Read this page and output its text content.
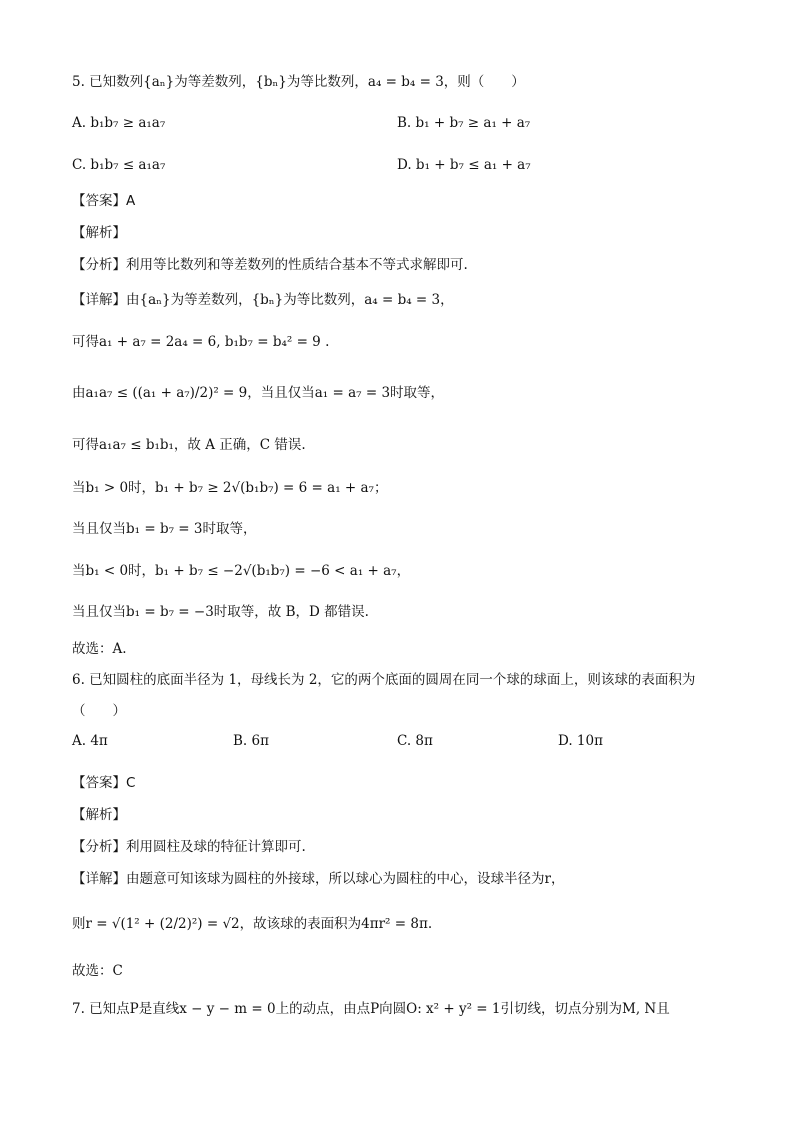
5. 已知数列{aₙ}为等差数列，{bₙ}为等比数列，a₄ = b₄ = 3，则（　　）
A. b₁b₇ ≥ a₁a₇	B. b₁ + b₇ ≥ a₁ + a₇
C. b₁b₇ ≤ a₁a₇	D. b₁ + b₇ ≤ a₁ + a₇
【答案】A
【解析】
【分析】利用等比数列和等差数列的性质结合基本不等式求解即可.
【详解】由{aₙ}为等差数列，{bₙ}为等比数列，a₄ = b₄ = 3，
可得a₁ + a₇ = 2a₄ = 6, b₁b₇ = b₄² = 9 .
由a₁a₇ ≤ ((a₁ + a₇)/2)² = 9，当且仅当a₁ = a₇ = 3时取等，
可得a₁a₇ ≤ b₁b₁，故 A 正确，C 错误.
当b₁ > 0时，b₁ + b₇ ≥ 2√(b₁b₇) = 6 = a₁ + a₇；
当且仅当b₁ = b₇ = 3时取等，
当b₁ < 0时，b₁ + b₇ ≤ −2√(b₁b₇) = −6 < a₁ + a₇，
当且仅当b₁ = b₇ = −3时取等，故 B，D 都错误.
故选：A.
6. 已知圆柱的底面半径为 1，母线长为 2，它的两个底面的圆周在同一个球的球面上，则该球的表面积为
（　　）
A. 4π	B. 6π	C. 8π	D. 10π
【答案】C
【解析】
【分析】利用圆柱及球的特征计算即可.
【详解】由题意可知该球为圆柱的外接球，所以球心为圆柱的中心，设球半径为r，
则r = √(1² + (2/2)²) = √2，故该球的表面积为4πr² = 8π.
故选：C
7. 已知点P是直线x − y − m = 0上的动点，由点P向圆O: x² + y² = 1引切线，切点分别为M, N且
